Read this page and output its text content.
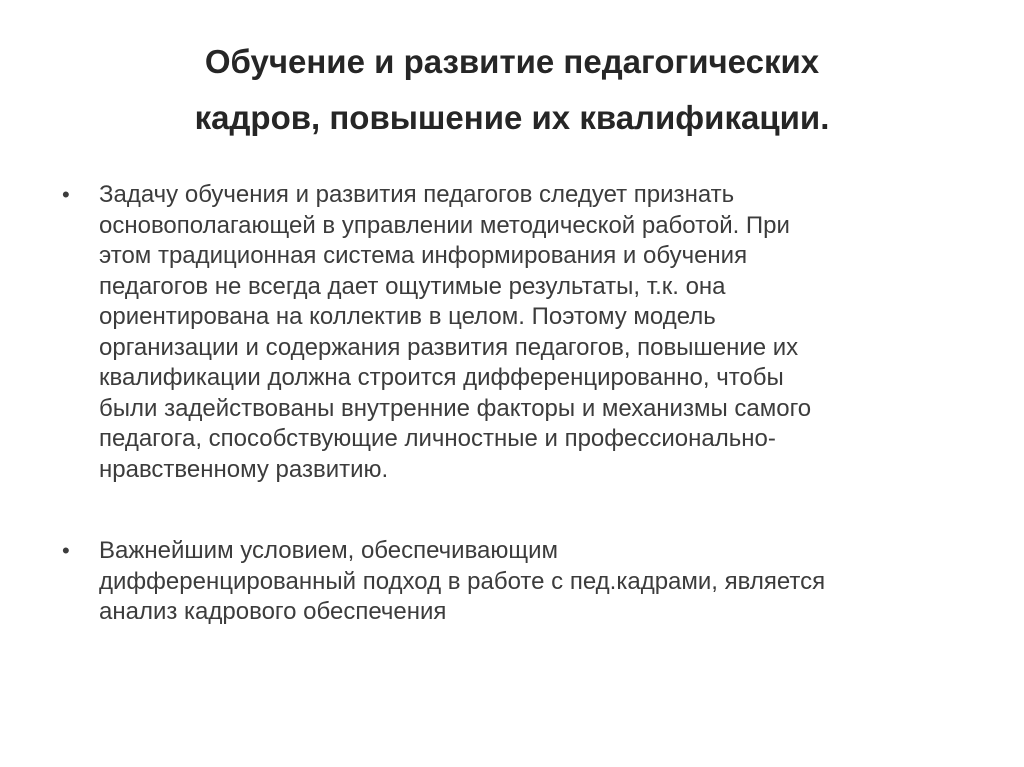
Обучение и развитие педагогических
кадров, повышение их квалификации.
•	Задачу обучения и развития педагогов следует признать
основополагающей в управлении методической работой. При
этом традиционная система информирования и обучения
педагогов не всегда дает ощутимые результаты, т.к. она
ориентирована на коллектив в целом. Поэтому модель
организации и содержания развития педагогов, повышение их
квалификации должна строится дифференцированно, чтобы
были задействованы внутренние факторы и механизмы самого
педагога, способствующие личностные и профессионально-
нравственному развитию.
•	Важнейшим условием, обеспечивающим
дифференцированный подход в работе с пед.кадрами, является
анализ кадрового обеспечения
